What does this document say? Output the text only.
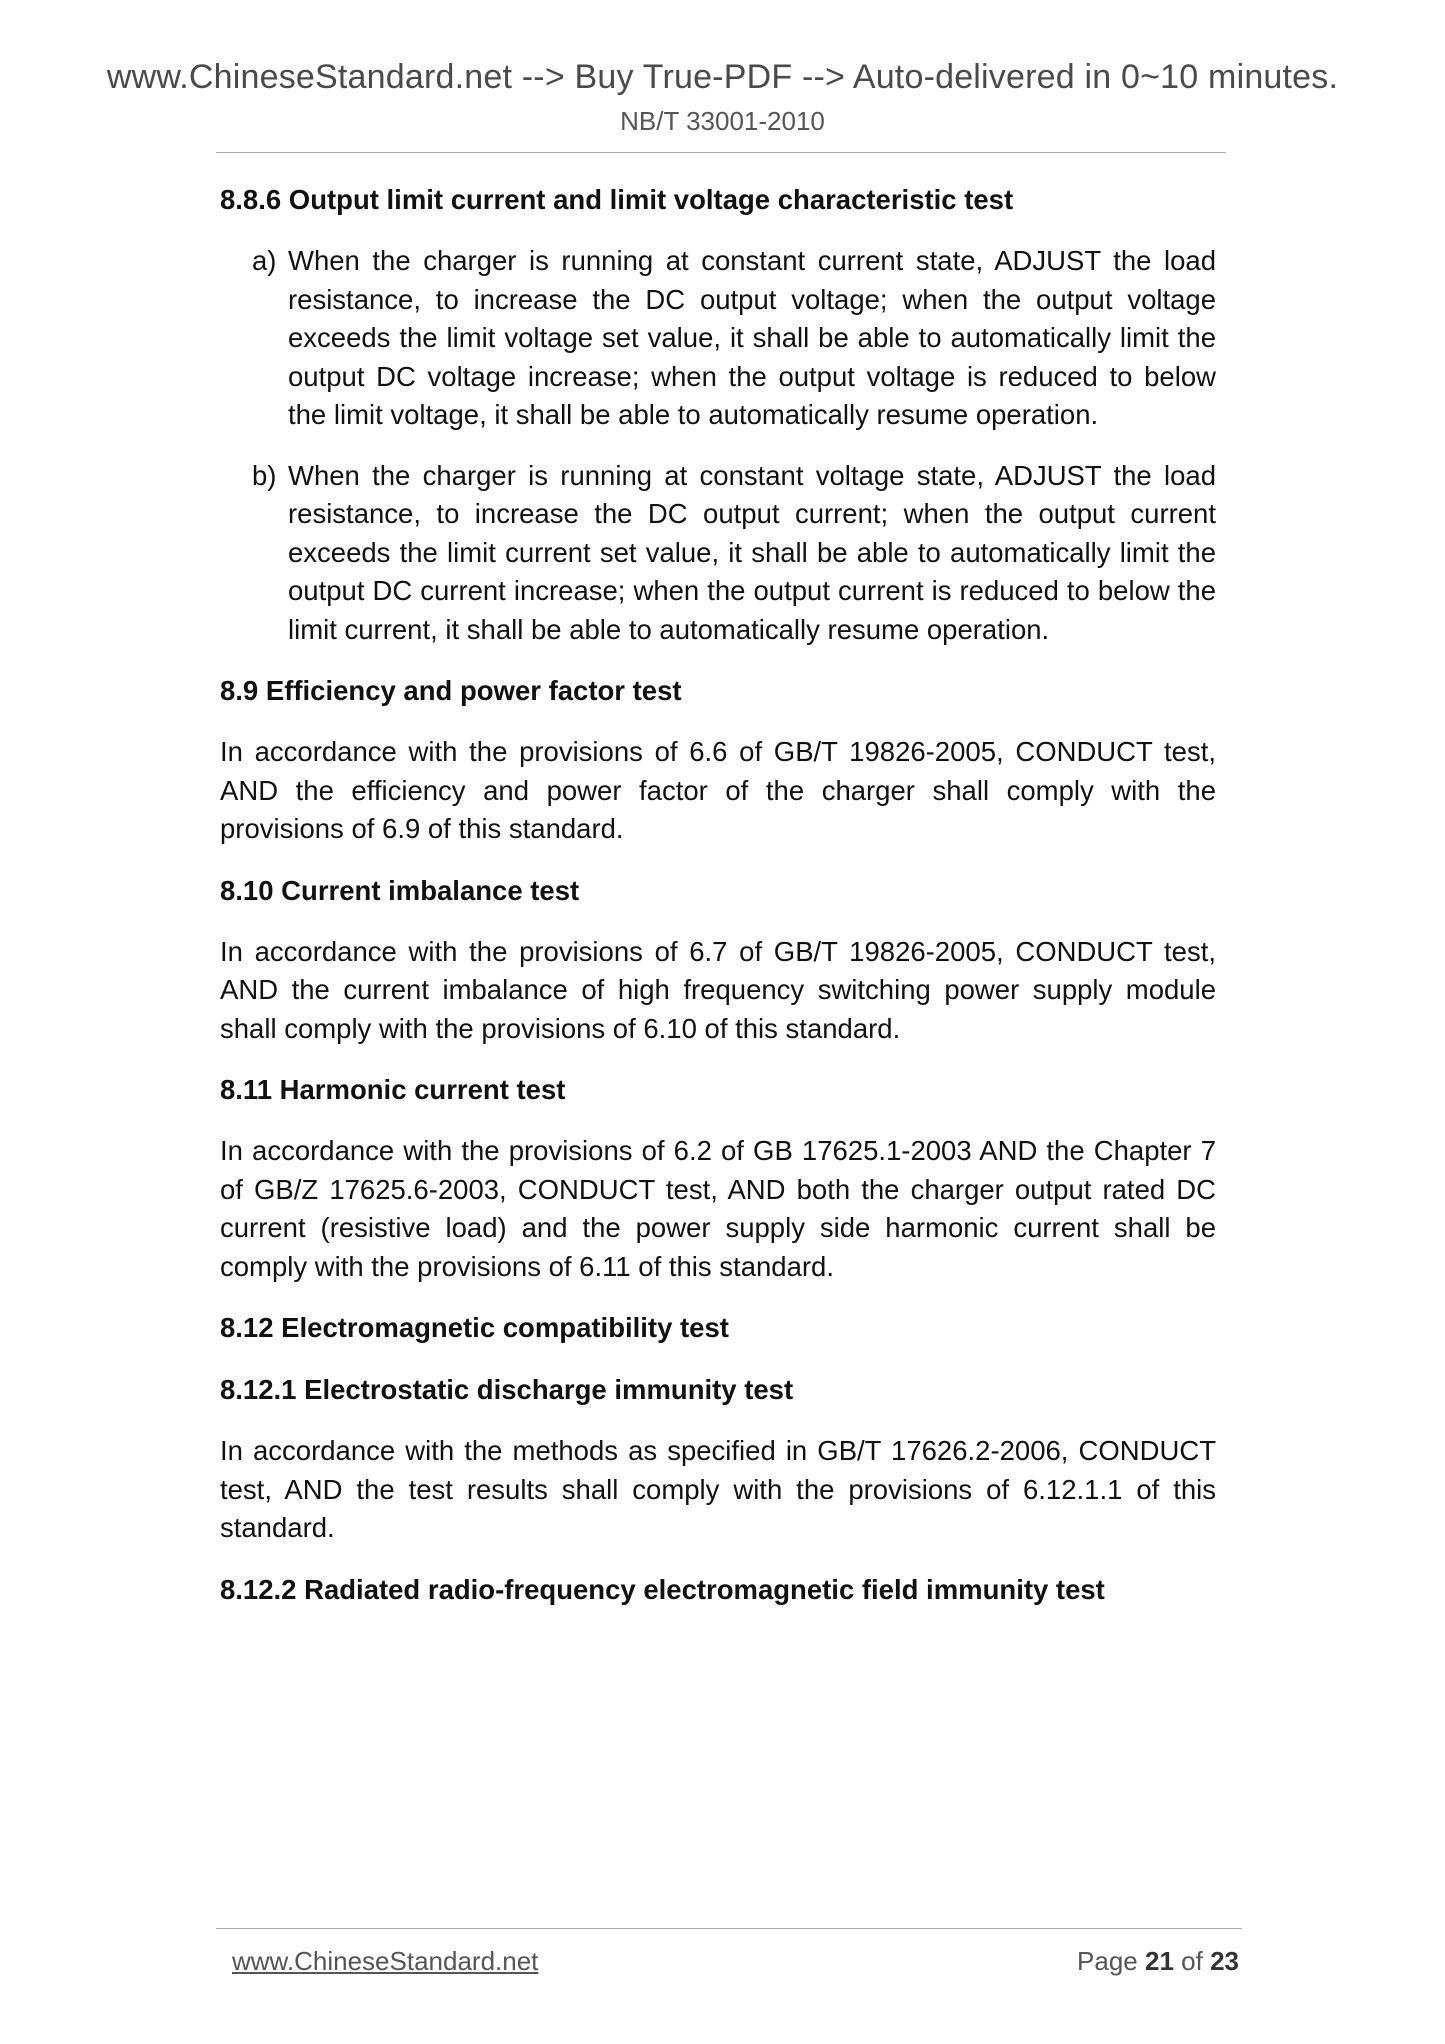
www.ChineseStandard.net --> Buy True-PDF --> Auto-delivered in 0~10 minutes.
NB/T 33001-2010
8.8.6 Output limit current and limit voltage characteristic test
a) When the charger is running at constant current state, ADJUST the load resistance, to increase the DC output voltage; when the output voltage exceeds the limit voltage set value, it shall be able to automatically limit the output DC voltage increase; when the output voltage is reduced to below the limit voltage, it shall be able to automatically resume operation.

b) When the charger is running at constant voltage state, ADJUST the load resistance, to increase the DC output current; when the output current exceeds the limit current set value, it shall be able to automatically limit the output DC current increase; when the output current is reduced to below the limit current, it shall be able to automatically resume operation.

8.9 Efficiency and power factor test

In accordance with the provisions of 6.6 of GB/T 19826-2005, CONDUCT test, AND the efficiency and power factor of the charger shall comply with the provisions of 6.9 of this standard.

8.10 Current imbalance test

In accordance with the provisions of 6.7 of GB/T 19826-2005, CONDUCT test, AND the current imbalance of high frequency switching power supply module shall comply with the provisions of 6.10 of this standard.

8.11 Harmonic current test

In accordance with the provisions of 6.2 of GB 17625.1-2003 AND the Chapter 7 of GB/Z 17625.6-2003, CONDUCT test, AND both the charger output rated DC current (resistive load) and the power supply side harmonic current shall be comply with the provisions of 6.11 of this standard.

8.12 Electromagnetic compatibility test
8.12.1 Electrostatic discharge immunity test

In accordance with the methods as specified in GB/T 17626.2-2006, CONDUCT test, AND the test results shall comply with the provisions of 6.12.1.1 of this standard.

8.12.2 Radiated radio-frequency electromagnetic field immunity test
www.ChineseStandard.net	Page 21 of 23
